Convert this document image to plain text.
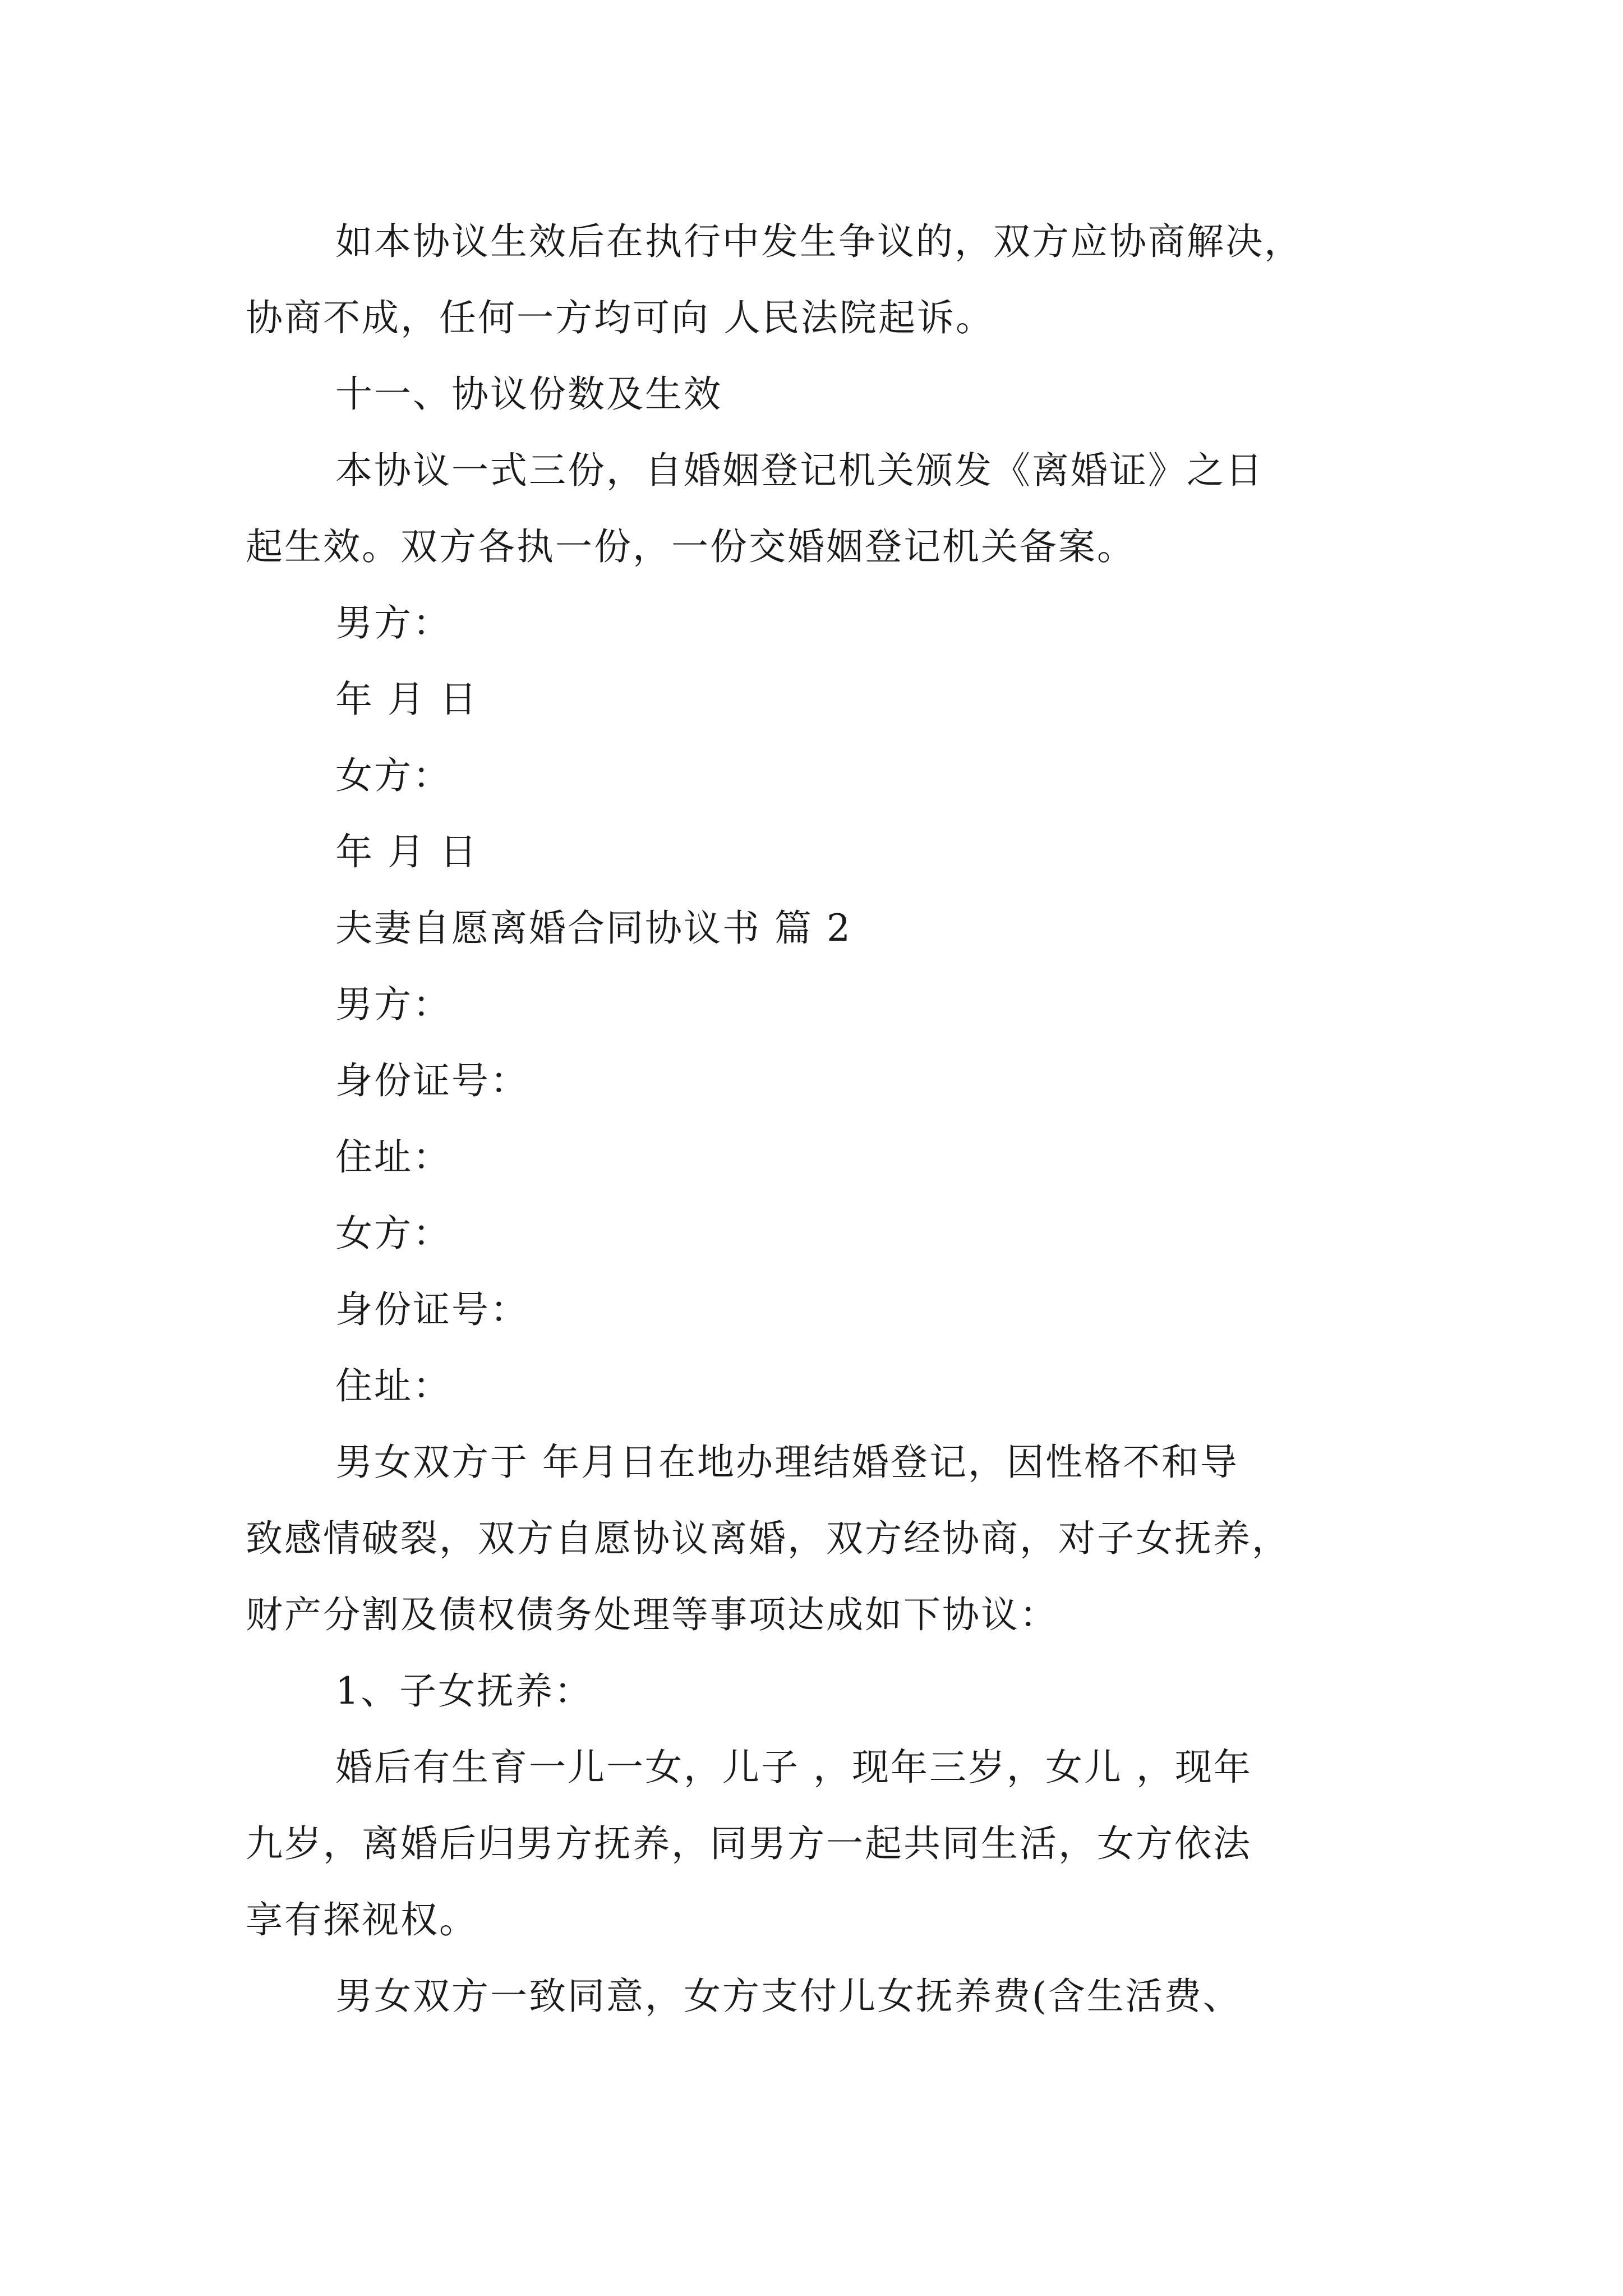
如本协议生效后在执行中发生争议的，双方应协商解决，
协商不成，任何一方均可向 人民法院起诉。
十一、协议份数及生效
本协议一式三份，自婚姻登记机关颁发《离婚证》之日
起生效。双方各执一份，一份交婚姻登记机关备案。
男方：
年 月 日
女方：
年 月 日
夫妻自愿离婚合同协议书 篇 2
男方：
身份证号：
住址：
女方：
身份证号：
住址：
男女双方于 年月日在地办理结婚登记，因性格不和导
致感情破裂，双方自愿协议离婚，双方经协商，对子女抚养，
财产分割及债权债务处理等事项达成如下协议：
1、子女抚养：
婚后有生育一儿一女，儿子 ，现年三岁，女儿 ，现年
九岁，离婚后归男方抚养，同男方一起共同生活，女方依法
享有探视权。
男女双方一致同意，女方支付儿女抚养费(含生活费、
